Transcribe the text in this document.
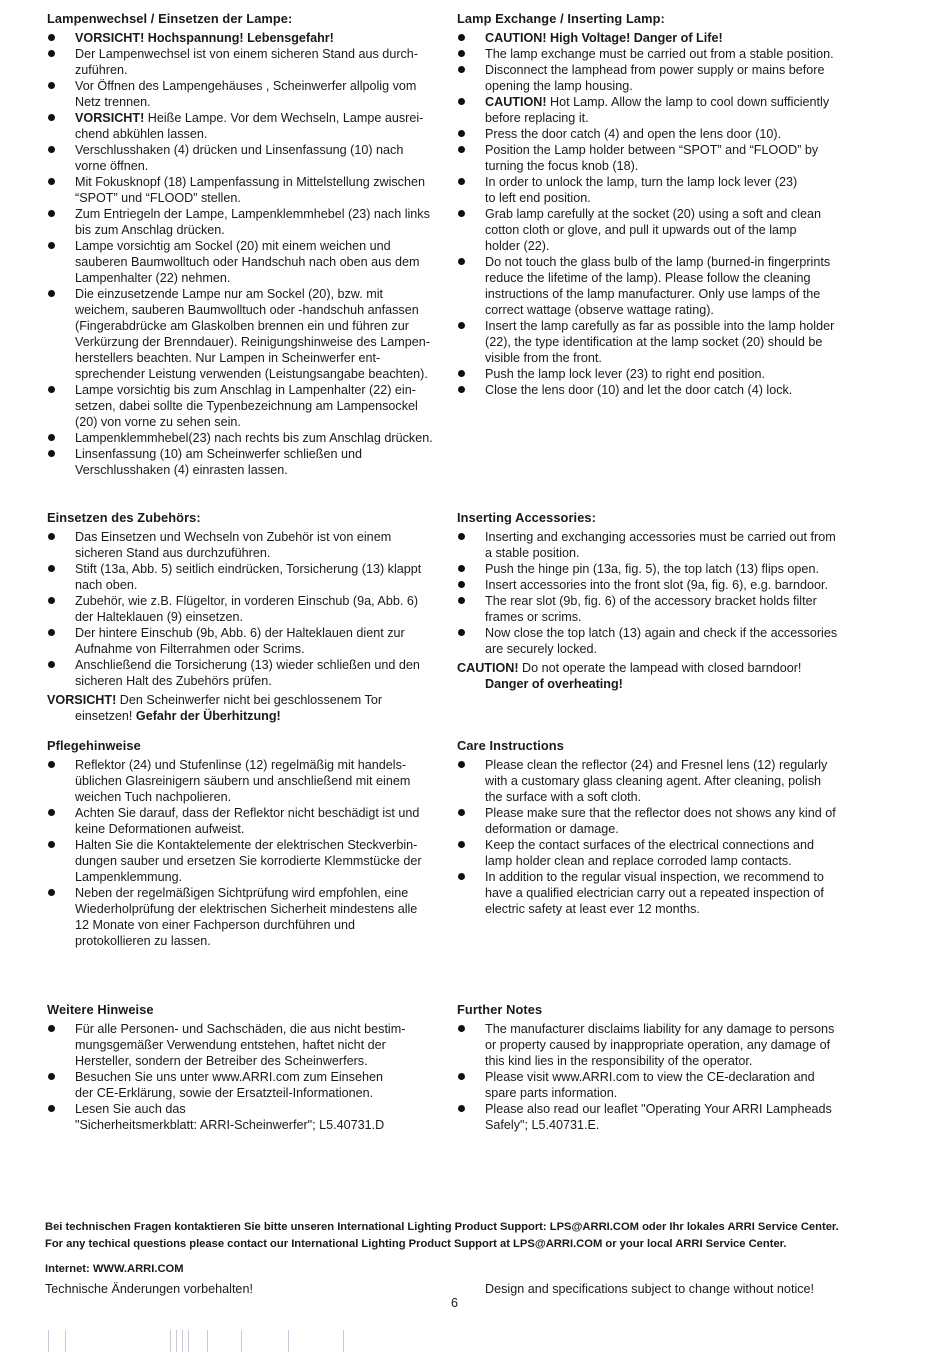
Lampenwechsel / Einsetzen der Lampe:
VORSICHT! Hochspannung! Lebensgefahr!
Der Lampenwechsel ist von einem sicheren Stand aus durch-
zuführen.
Vor Öffnen des Lampengehäuses , Scheinwerfer allpolig vom
Netz trennen.
VORSICHT! Heiße Lampe. Vor dem Wechseln, Lampe ausrei-
chend abkühlen lassen.
Verschlusshaken (4) drücken und Linsenfassung (10) nach
vorne öffnen.
Mit Fokusknopf (18) Lampenfassung in Mittelstellung zwischen
“SPOT” und “FLOOD” stellen.
Zum Entriegeln der Lampe, Lampenklemmhebel (23) nach links
bis zum Anschlag drücken.
Lampe vorsichtig am Sockel (20) mit einem weichen und
sauberen Baumwolltuch oder Handschuh nach oben aus dem
Lampenhalter (22) nehmen.
Die einzusetzende Lampe nur am Sockel (20), bzw. mit
weichem, sauberen Baumwolltuch oder -handschuh anfassen
(Fingerabdrücke am Glaskolben brennen ein und führen zur
Verkürzung der Brenndauer). Reinigungshinweise des Lampen-
herstellers beachten. Nur Lampen in Scheinwerfer ent-
sprechender Leistung verwenden (Leistungsangabe beachten).
Lampe vorsichtig bis zum Anschlag in Lampenhalter (22) ein-
setzen, dabei sollte die Typenbezeichnung am Lampensockel
(20) von vorne zu sehen sein.
Lampenklemmhebel(23) nach rechts bis zum Anschlag drücken.
Linsenfassung (10) am Scheinwerfer schließen und
Verschlusshaken (4) einrasten lassen.
Einsetzen des Zubehörs:
Das Einsetzen und Wechseln von Zubehör ist von einem
sicheren Stand aus durchzuführen.
Stift (13a, Abb. 5) seitlich eindrücken, Torsicherung (13) klappt
nach oben.
Zubehör, wie z.B. Flügeltor, in vorderen Einschub (9a, Abb. 6)
der Halteklauen (9) einsetzen.
Der hintere Einschub (9b, Abb. 6) der Halteklauen dient zur
Aufnahme von Filterrahmen oder Scrims.
Anschließend die Torsicherung (13) wieder schließen und den
sicheren Halt des Zubehörs prüfen.

VORSICHT! Den Scheinwerfer nicht bei geschlossenem Tor
einsetzen! Gefahr der Überhitzung!

Pflegehinweise
Reflektor (24) und Stufenlinse (12) regelmäßig mit handels-
üblichen Glasreinigern säubern und anschließend mit einem
weichen Tuch nachpolieren.
Achten Sie darauf, dass der Reflektor nicht beschädigt ist und
keine Deformationen aufweist.
Halten Sie die Kontaktelemente der elektrischen Steckverbin-
dungen sauber und ersetzen Sie korrodierte Klemmstücke der
Lampenklemmung.
Neben der regelmäßigen Sichtprüfung wird empfohlen, eine
Wiederholprüfung der elektrischen Sicherheit mindestens alle
12 Monate von einer Fachperson durchführen und
protokollieren zu lassen.
Weitere Hinweise
Für alle Personen- und Sachschäden, die aus nicht bestim-
mungsgemäßer Verwendung entstehen, haftet nicht der
Hersteller, sondern der Betreiber des Scheinwerfers.
Besuchen Sie uns unter www.ARRI.com zum Einsehen
der CE-Erklärung, sowie der Ersatzteil-Informationen.
Lesen Sie auch das
"Sicherheitsmerkblatt: ARRI-Scheinwerfer"; L5.40731.D
Lamp Exchange / Inserting Lamp:
CAUTION! High Voltage! Danger of Life!
The lamp exchange must be carried out from a stable position.
Disconnect the lamphead from power supply or mains before
opening the lamp housing.
CAUTION! Hot Lamp. Allow the lamp to cool down sufficiently
before replacing it.
Press the door catch (4) and open the lens door (10).
Position the Lamp holder between “SPOT” and “FLOOD” by
turning the focus knob (18).
In order to unlock the lamp, turn the lamp lock lever (23)
to left end position.
Grab lamp carefully at the socket (20) using a soft and clean
cotton cloth or glove, and pull it upwards out of the lamp
holder (22).
Do not touch the glass bulb of the lamp (burned-in fingerprints
reduce the lifetime of the lamp). Please follow the cleaning
instructions of the lamp manufacturer. Only use lamps of the
correct wattage (observe wattage rating).
Insert the lamp carefully as far as possible into the lamp holder
(22), the type identification at the lamp socket (20) should be
visible from the front.
Push the lamp lock lever (23) to right end position.
Close the lens door (10) and let the door catch (4) lock.
Inserting Accessories:
Inserting and exchanging accessories must be carried out from
a stable position.
Push the hinge pin (13a, fig. 5), the top latch (13) flips open.
Insert accessories into the front slot (9a, fig. 6), e.g. barndoor.
The rear slot (9b, fig. 6) of the accessory bracket holds filter
frames or scrims.
Now close the top latch (13) again and check if the accessories
are securely locked.

CAUTION! Do not operate the lampead with closed barndoor!
Danger of overheating!

Care Instructions
Please clean the reflector (24) and Fresnel lens (12) regularly
with a customary glass cleaning agent. After cleaning, polish
the surface with a soft cloth.
Please make sure that the reflector does not shows any kind of
deformation or damage.
Keep the contact surfaces of the electrical connections and
lamp holder clean and replace corroded lamp contacts.
In addition to the regular visual inspection, we recommend to
have a qualified electrician carry out a repeated inspection of
electric safety at least ever 12 months.
Further Notes
The manufacturer disclaims liability for any damage to persons
or property caused by inappropriate operation, any damage of
this kind lies in the responsibility of the operator.
Please visit www.ARRI.com to view the CE-declaration and
spare parts information.
Please also read our leaflet "Operating Your ARRI Lampheads
Safely"; L5.40731.E.
Bei technischen Fragen kontaktieren Sie bitte unseren International Lighting Product Support: LPS@ARRI.COM oder Ihr lokales ARRI Service Center.
For any techical questions please contact our International Lighting Product Support at LPS@ARRI.COM or your local ARRI Service Center.
Internet: WWW.ARRI.COM
Technische Änderungen vorbehalten!	Design and specifications subject to change without notice!
6
